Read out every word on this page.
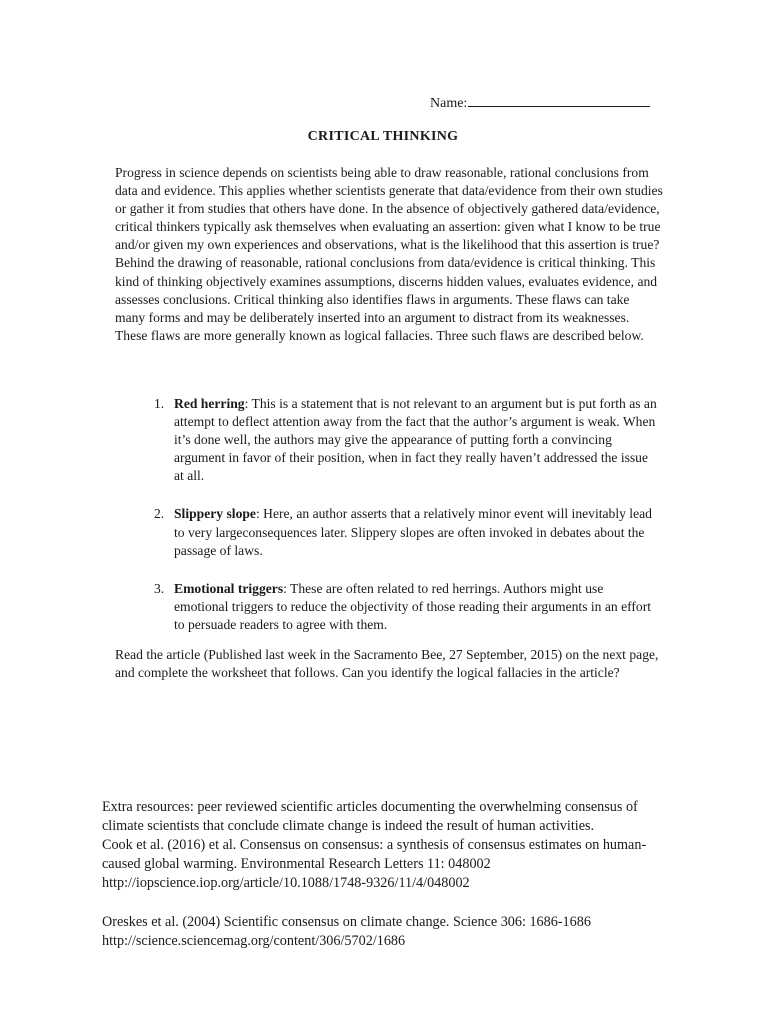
Name:
CRITICAL THINKING

Progress in science depends on scientists being able to draw reasonable, rational conclusions from data and evidence. This applies whether scientists generate that data/evidence from their own studies or gather it from studies that others have done. In the absence of objectively gathered data/evidence, critical thinkers typically ask themselves when evaluating an assertion: given what I know to be true and/or given my own experiences and observations, what is the likelihood that this assertion is true? Behind the drawing of reasonable, rational conclusions from data/evidence is critical thinking. This kind of thinking objectively examines assumptions, discerns hidden values, evaluates evidence, and assesses conclusions. Critical thinking also identifies flaws in arguments. These flaws can take many forms and may be deliberately inserted into an argument to distract from its weaknesses. These flaws are more generally known as logical fallacies. Three such flaws are described below.

1. Red herring: This is a statement that is not relevant to an argument but is put forth as an attempt to deflect attention away from the fact that the author’s argument is weak. When it’s done well, the authors may give the appearance of putting forth a convincing argument in favor of their position, when in fact they really haven’t addressed the issue at all.
2. Slippery slope: Here, an author asserts that a relatively minor event will inevitably lead to very largeconsequences later. Slippery slopes are often invoked in debates about the passage of laws.
3. Emotional triggers: These are often related to red herrings. Authors might use emotional triggers to reduce the objectivity of those reading their arguments in an effort to persuade readers to agree with them.

Read the article (Published last week in the Sacramento Bee, 27 September, 2015) on the next page, and complete the worksheet that follows. Can you identify the logical fallacies in the article?

Extra resources: peer reviewed scientific articles documenting the overwhelming consensus of climate scientists that conclude climate change is indeed the result of human activities.

Cook et al. (2016) et al. Consensus on consensus: a synthesis of consensus estimates on human-caused global warming. Environmental Research Letters 11: 048002

http://iopscience.iop.org/article/10.1088/1748-9326/11/4/048002

Oreskes et al. (2004) Scientific consensus on climate change. Science 306: 1686-1686

http://science.sciencemag.org/content/306/5702/1686
